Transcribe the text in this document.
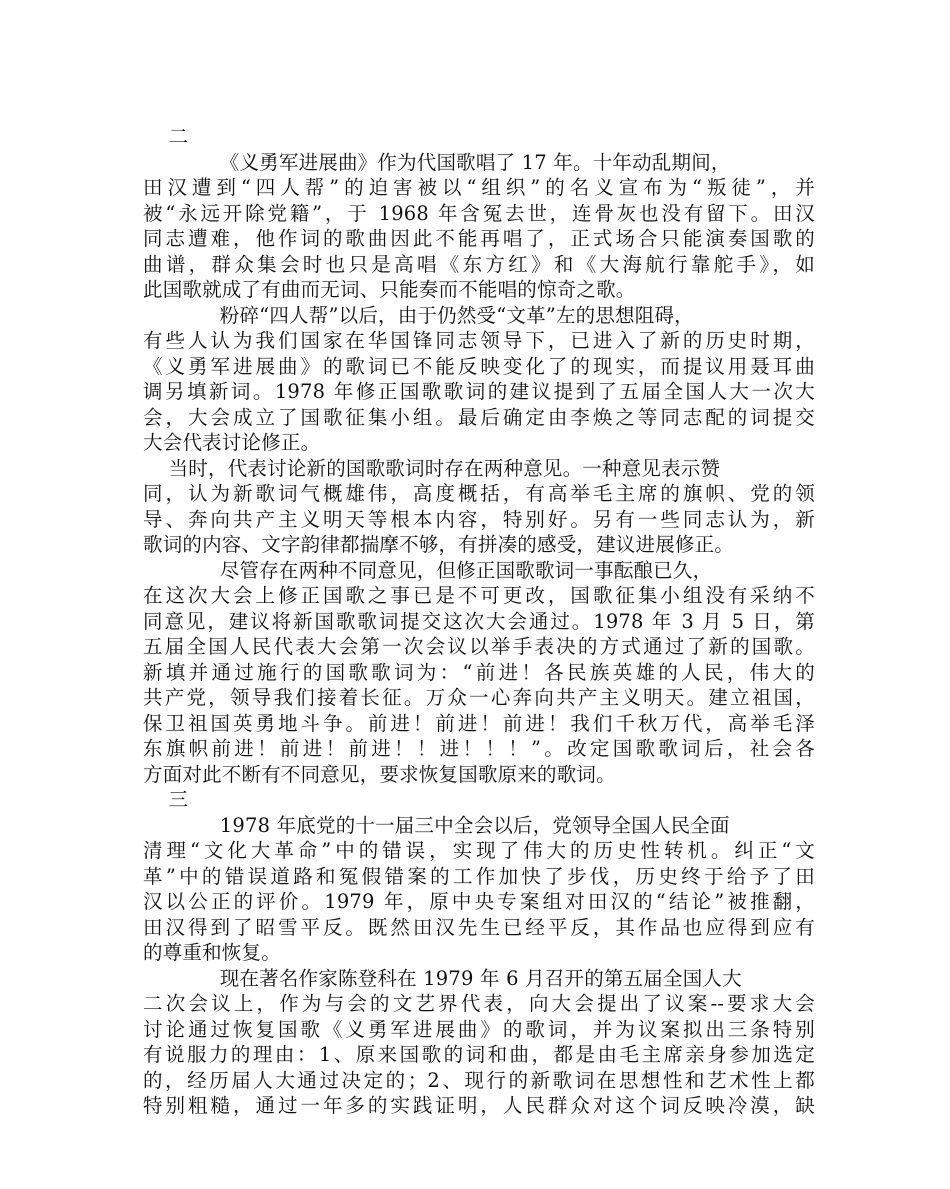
二
《义勇军进展曲》作为代国歌唱了 17 年。十年动乱期间，
田汉遭到“四人帮”的迫害被以“组织”的名义宣布为“叛徒”，并
被“永远开除党籍”，于 1968 年含冤去世，连骨灰也没有留下。田汉
同志遭难，他作词的歌曲因此不能再唱了，正式场合只能演奏国歌的
曲谱，群众集会时也只是高唱《东方红》和《大海航行靠舵手》，如
此国歌就成了有曲而无词、只能奏而不能唱的惊奇之歌。
粉碎“四人帮”以后，由于仍然受“文革”左的思想阻碍，
有些人认为我们国家在华国锋同志领导下，已进入了新的历史时期，
《义勇军进展曲》的歌词已不能反映变化了的现实，而提议用聂耳曲
调另填新词。1978 年修正国歌歌词的建议提到了五届全国人大一次大
会，大会成立了国歌征集小组。最后确定由李焕之等同志配的词提交
大会代表讨论修正。
当时，代表讨论新的国歌歌词时存在两种意见。一种意见表示赞
同，认为新歌词气概雄伟，高度概括，有高举毛主席的旗帜、党的领
导、奔向共产主义明天等根本内容，特别好。另有一些同志认为，新
歌词的内容、文字韵律都揣摩不够，有拼凑的感受，建议进展修正。
尽管存在两种不同意见，但修正国歌歌词一事酝酿已久，
在这次大会上修正国歌之事已是不可更改，国歌征集小组没有采纳不
同意见，建议将新国歌歌词提交这次大会通过。1978 年 3 月 5 日，第
五届全国人民代表大会第一次会议以举手表决的方式通过了新的国歌。
新填并通过施行的国歌歌词为：“前进！各民族英雄的人民，伟大的
共产党，领导我们接着长征。万众一心奔向共产主义明天。建立祖国，
保卫祖国英勇地斗争。前进！前进！前进！我们千秋万代，高举毛泽
东旗帜前进！前进！前进！！进！！！”。改定国歌歌词后，社会各
方面对此不断有不同意见，要求恢复国歌原来的歌词。
三
1978 年底党的十一届三中全会以后，党领导全国人民全面
清理“文化大革命”中的错误，实现了伟大的历史性转机。纠正“文
革”中的错误道路和冤假错案的工作加快了步伐，历史终于给予了田
汉以公正的评价。1979 年，原中央专案组对田汉的“结论”被推翻，
田汉得到了昭雪平反。既然田汉先生已经平反，其作品也应得到应有
的尊重和恢复。
现在著名作家陈登科在 1979 年 6 月召开的第五届全国人大
二次会议上，作为与会的文艺界代表，向大会提出了议案--要求大会
讨论通过恢复国歌《义勇军进展曲》的歌词，并为议案拟出三条特别
有说服力的理由：1、原来国歌的词和曲，都是由毛主席亲身参加选定
的，经历届人大通过决定的；2、现行的新歌词在思想性和艺术性上都
特别粗糙，通过一年多的实践证明，人民群众对这个词反映冷漠，缺
